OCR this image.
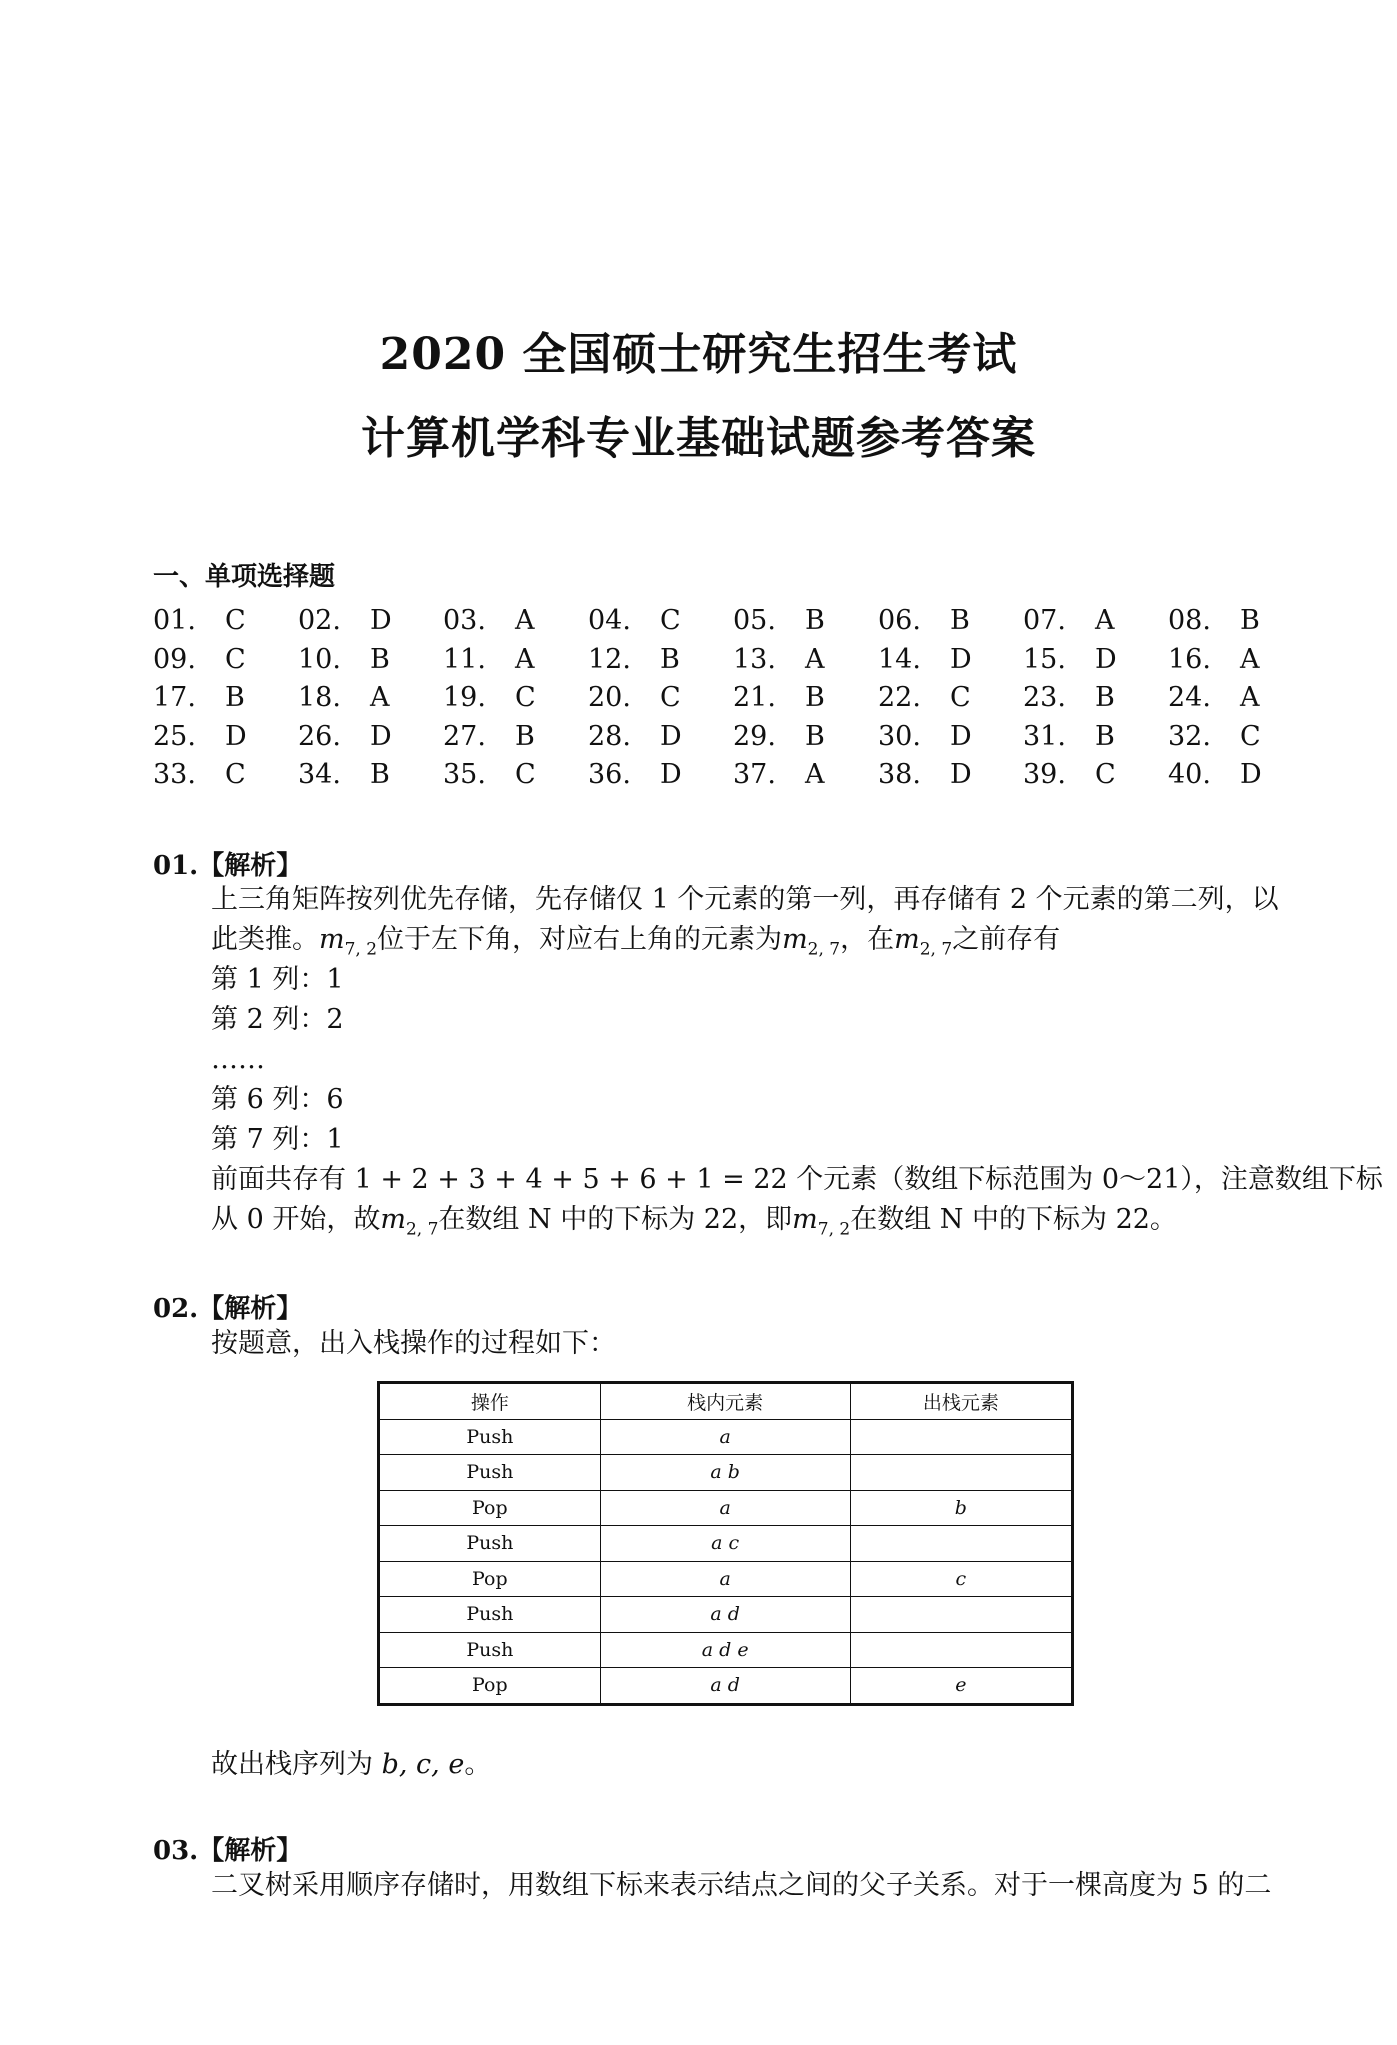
2020 全国硕士研究生招生考试
计算机学科专业基础试题参考答案
一、单项选择题
01. C	02. D	03. A	04. C	05. B	06. B	07. A	08. B
09. C	10. B	11. A	12. B	13. A	14. D	15. D	16. A
17. B	18. A	19. C	20. C	21. B	22. C	23. B	24. A
25. D	26. D	27. B	28. D	29. B	30. D	31. B	32. C
33. C	34. B	35. C	36. D	37. A	38. D	39. C	40. D
01.【解析】
上三角矩阵按列优先存储，先存储仅 1 个元素的第一列，再存储有 2 个元素的第二列，以
此类推。$m_{7, 2}$位于左下角，对应右上角的元素为$m_{2, 7}$，在$m_{2, 7}$之前存有
第 1 列：1
第 2 列：2
……
第 6 列：6
第 7 列：1
前面共存有 1 + 2 + 3 + 4 + 5 + 6 + 1 = 22 个元素（数组下标范围为 0～21），注意数组下标
从 0 开始，故$m_{2, 7}$在数组 N 中的下标为 22，即$m_{7, 2}$在数组 N 中的下标为 22。
02.【解析】
按题意，出入栈操作的过程如下：
操作	栈内元素	出栈元素
Push	a	
Push	a b	
Pop	a	b
Push	a c	
Pop	a	c
Push	a d	
Push	a d e	
Pop	a d	e
故出栈序列为 b, c, e。
03.【解析】
二叉树采用顺序存储时，用数组下标来表示结点之间的父子关系。对于一棵高度为 5 的二
